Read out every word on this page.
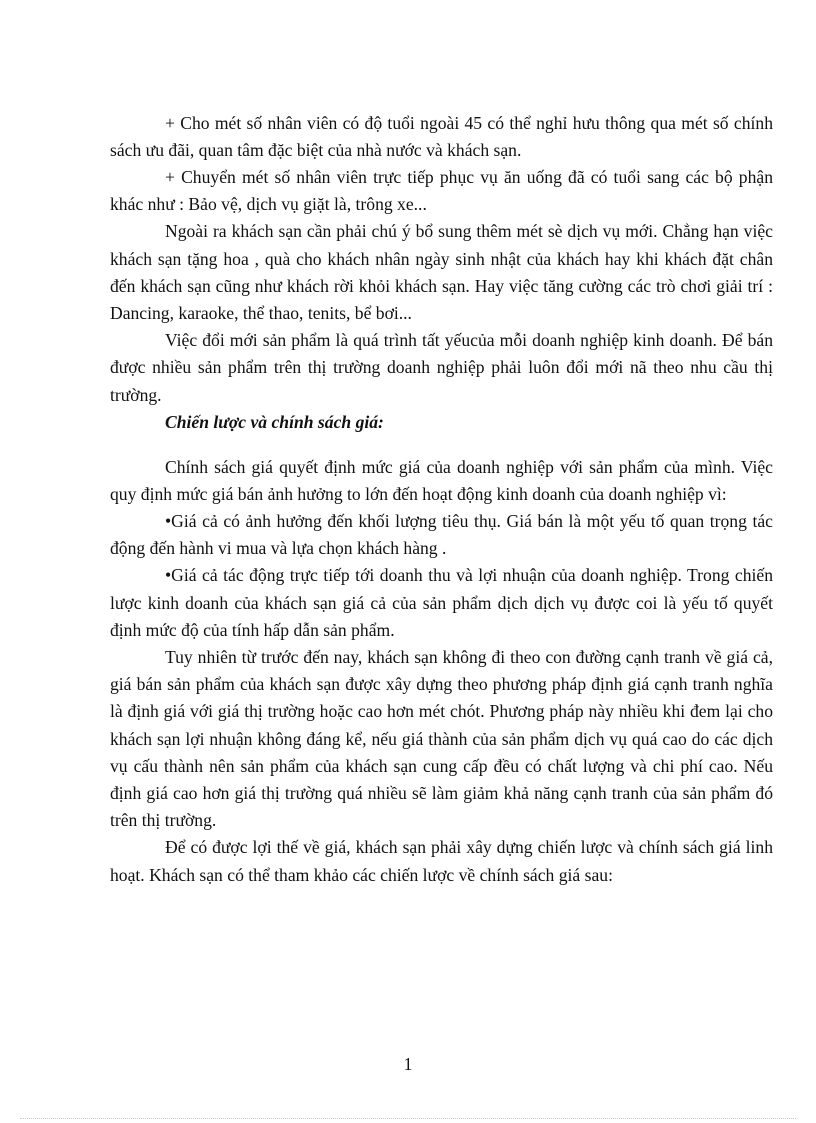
+ Cho mét số nhân viên có độ tuổi ngoài 45 có thể nghỉ hưu thông qua mét số chính sách ưu đãi, quan tâm đặc biệt của nhà nước và khách sạn.

+ Chuyển mét số nhân viên trực tiếp phục vụ ăn uống đã có tuổi sang các bộ phận khác như : Bảo vệ, dịch vụ giặt là, trông xe...

Ngoài ra khách sạn cần phải chú ý bổ sung thêm mét sè dịch vụ mới. Chẳng hạn việc khách sạn tặng hoa , quà cho khách nhân ngày sinh nhật của khách hay khi khách đặt chân đến khách sạn cũng như khách rời khỏi khách sạn. Hay việc tăng cường các trò chơi giải trí : Dancing, karaoke, thể thao, tenits, bể bơi...

Việc đổi mới sản phẩm là quá trình tất yếucủa mỗi doanh nghiệp kinh doanh. Để bán được nhiều sản phẩm trên thị trường doanh nghiệp phải luôn đổi mới nã theo nhu cầu thị trường.

Chiến lược và chính sách giá:

Chính sách giá quyết định mức giá của doanh nghiệp với sản phẩm của mình. Việc quy định mức giá bán ảnh hưởng to lớn đến hoạt động kinh doanh của doanh nghiệp vì:

•Giá cả có ảnh hưởng đến khối lượng tiêu thụ. Giá bán là một yếu tố quan trọng tác động đến hành vi mua và lựa chọn khách hàng .

•Giá cả tác động trực tiếp tới doanh thu và lợi nhuận của doanh nghiệp. Trong chiến lược kinh doanh của khách sạn giá cả của sản phẩm dịch dịch vụ được coi là yếu tố quyết định mức độ của tính hấp dẫn sản phẩm.

Tuy nhiên từ trước đến nay, khách sạn không đi theo con đường cạnh tranh về giá cả, giá bán sản phẩm của khách sạn được xây dựng theo phương pháp định giá cạnh tranh nghĩa là định giá với giá thị trường hoặc cao hơn mét chót. Phương pháp này nhiều khi đem lại cho khách sạn lợi nhuận không đáng kể, nếu giá thành của sản phẩm dịch vụ quá cao do các dịch vụ cấu thành nên sản phẩm của khách sạn cung cấp đều có chất lượng và chi phí cao. Nếu định giá cao hơn giá thị trường quá nhiều sẽ làm giảm khả năng cạnh tranh của sản phẩm đó trên thị trường.

Để có được lợi thế về giá, khách sạn phải xây dựng chiến lược và chính sách giá linh hoạt. Khách sạn có thể tham khảo các chiến lược về chính sách giá sau:

1
